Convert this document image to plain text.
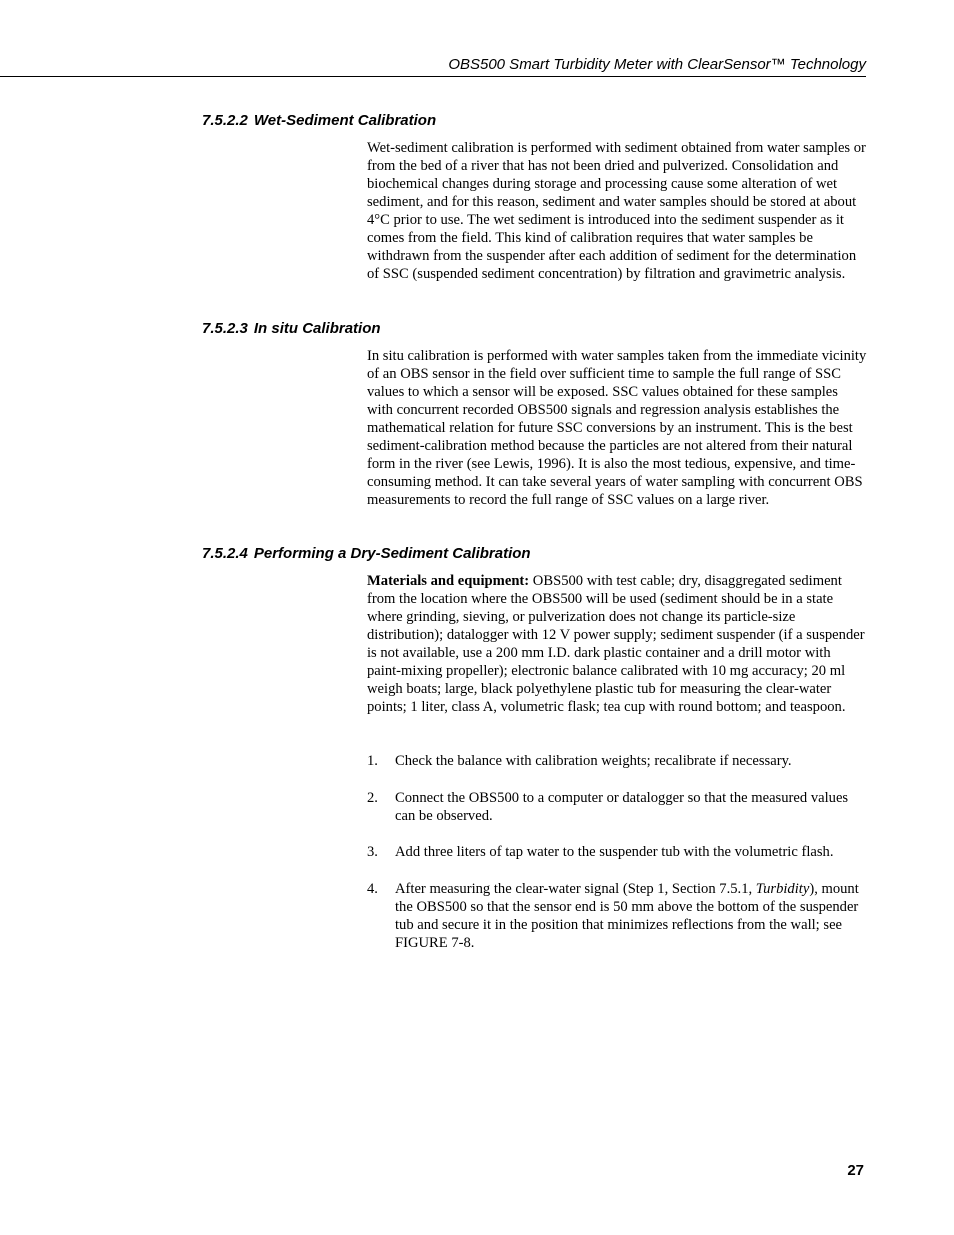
OBS500 Smart Turbidity Meter with ClearSensor™ Technology
7.5.2.2 Wet-Sediment Calibration

Wet-sediment calibration is performed with sediment obtained from water samples or from the bed of a river that has not been dried and pulverized. Consolidation and biochemical changes during storage and processing cause some alteration of wet sediment, and for this reason, sediment and water samples should be stored at about 4°C prior to use. The wet sediment is introduced into the sediment suspender as it comes from the field. This kind of calibration requires that water samples be withdrawn from the suspender after each addition of sediment for the determination of SSC (suspended sediment concentration) by filtration and gravimetric analysis.

7.5.2.3 In situ Calibration

In situ calibration is performed with water samples taken from the immediate vicinity of an OBS sensor in the field over sufficient time to sample the full range of SSC values to which a sensor will be exposed. SSC values obtained for these samples with concurrent recorded OBS500 signals and regression analysis establishes the mathematical relation for future SSC conversions by an instrument. This is the best sediment-calibration method because the particles are not altered from their natural form in the river (see Lewis, 1996). It is also the most tedious, expensive, and time-consuming method. It can take several years of water sampling with concurrent OBS measurements to record the full range of SSC values on a large river.

7.5.2.4 Performing a Dry-Sediment Calibration

Materials and equipment: OBS500 with test cable; dry, disaggregated sediment from the location where the OBS500 will be used (sediment should be in a state where grinding, sieving, or pulverization does not change its particle-size distribution); datalogger with 12 V power supply; sediment suspender (if a suspender is not available, use a 200 mm I.D. dark plastic container and a drill motor with paint-mixing propeller); electronic balance calibrated with 10 mg accuracy; 20 ml weigh boats; large, black polyethylene plastic tub for measuring the clear-water points; 1 liter, class A, volumetric flask; tea cup with round bottom; and teaspoon.

1. Check the balance with calibration weights; recalibrate if necessary.
2. Connect the OBS500 to a computer or datalogger so that the measured values can be observed.
3. Add three liters of tap water to the suspender tub with the volumetric flash.
4. After measuring the clear-water signal (Step 1, Section 7.5.1, Turbidity), mount the OBS500 so that the sensor end is 50 mm above the bottom of the suspender tub and secure it in the position that minimizes reflections from the wall; see FIGURE 7-8.
27
